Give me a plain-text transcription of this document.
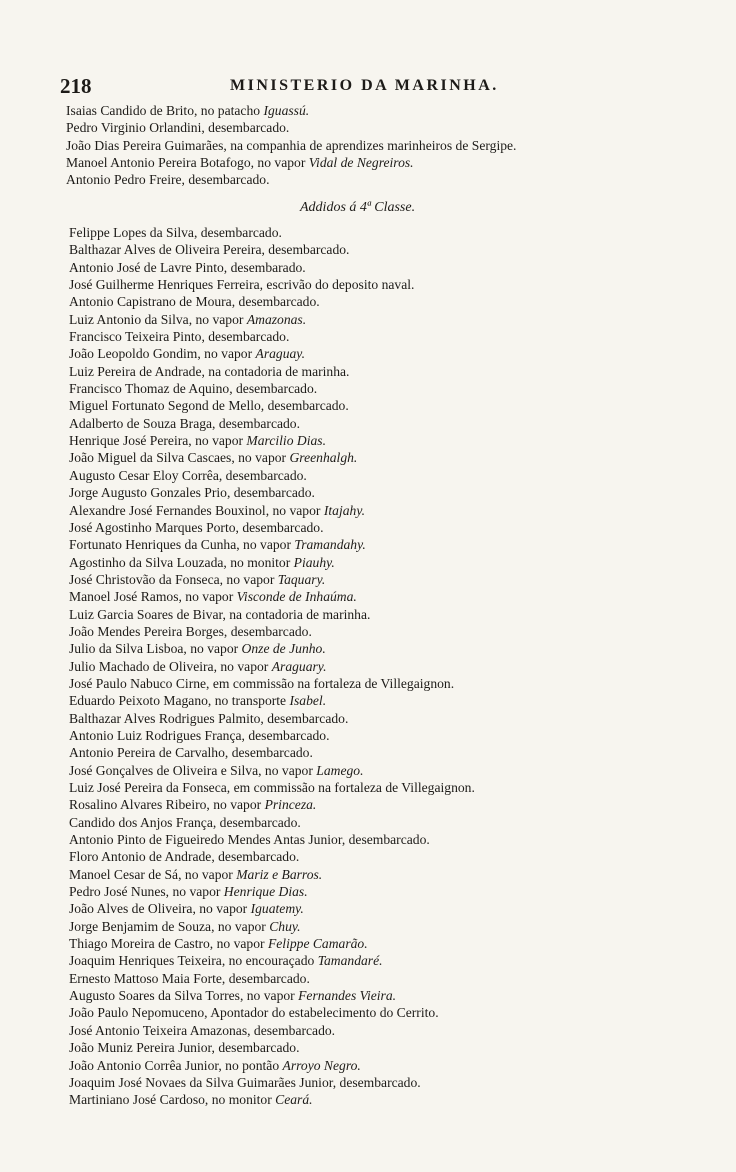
218	MINISTERIO DA MARINHA.
Isaias Candido de Brito, no patacho Iguassú.
Pedro Virginio Orlandini, desembarcado.
João Dias Pereira Guimarães, na companhia de aprendizes marinheiros de Sergipe.
Manoel Antonio Pereira Botafogo, no vapor Vidal de Negreiros.
Antonio Pedro Freire, desembarcado.
Addidos á 4ª Classe.
Felippe Lopes da Silva, desembarcado.
Balthazar Alves de Oliveira Pereira, desembarcado.
Antonio José de Lavre Pinto, desembarado.
José Guilherme Henriques Ferreira, escrivão do deposito naval.
Antonio Capistrano de Moura, desembarcado.
Luiz Antonio da Silva, no vapor Amazonas.
Francisco Teixeira Pinto, desembarcado.
João Leopoldo Gondim, no vapor Araguay.
Luiz Pereira de Andrade, na contadoria de marinha.
Francisco Thomaz de Aquino, desembarcado.
Miguel Fortunato Segond de Mello, desembarcado.
Adalberto de Souza Braga, desembarcado.
Henrique José Pereira, no vapor Marcilio Dias.
João Miguel da Silva Cascaes, no vapor Greenhalgh.
Augusto Cesar Eloy Corrêa, desembarcado.
Jorge Augusto Gonzales Prio, desembarcado.
Alexandre José Fernandes Bouxinol, no vapor Itajahy.
José Agostinho Marques Porto, desembarcado.
Fortunato Henriques da Cunha, no vapor Tramandahy.
Agostinho da Silva Louzada, no monitor Piauhy.
José Christovão da Fonseca, no vapor Taquary.
Manoel José Ramos, no vapor Visconde de Inhaúma.
Luiz Garcia Soares de Bivar, na contadoria de marinha.
João Mendes Pereira Borges, desembarcado.
Julio da Silva Lisboa, no vapor Onze de Junho.
Julio Machado de Oliveira, no vapor Araguary.
José Paulo Nabuco Cirne, em commissão na fortaleza de Villegaignon.
Eduardo Peixoto Magano, no transporte Isabel.
Balthazar Alves Rodrigues Palmito, desembarcado.
Antonio Luiz Rodrigues França, desembarcado.
Antonio Pereira de Carvalho, desembarcado.
José Gonçalves de Oliveira e Silva, no vapor Lamego.
Luiz José Pereira da Fonseca, em commissão na fortaleza de Villegaignon.
Rosalino Alvares Ribeiro, no vapor Princeza.
Candido dos Anjos França, desembarcado.
Antonio Pinto de Figueiredo Mendes Antas Junior, desembarcado.
Floro Antonio de Andrade, desembarcado.
Manoel Cesar de Sá, no vapor Mariz e Barros.
Pedro José Nunes, no vapor Henrique Dias.
João Alves de Oliveira, no vapor Iguatemy.
Jorge Benjamim de Souza, no vapor Chuy.
Thiago Moreira de Castro, no vapor Felippe Camarão.
Joaquim Henriques Teixeira, no encouraçado Tamandaré.
Ernesto Mattoso Maia Forte, desembarcado.
Augusto Soares da Silva Torres, no vapor Fernandes Vieira.
João Paulo Nepomuceno, Apontador do estabelecimento do Cerrito.
José Antonio Teixeira Amazonas, desembarcado.
João Muniz Pereira Junior, desembarcado.
João Antonio Corrêa Junior, no pontão Arroyo Negro.
Joaquim José Novaes da Silva Guimarães Junior, desembarcado.
Martiniano José Cardoso, no monitor Ceará.
